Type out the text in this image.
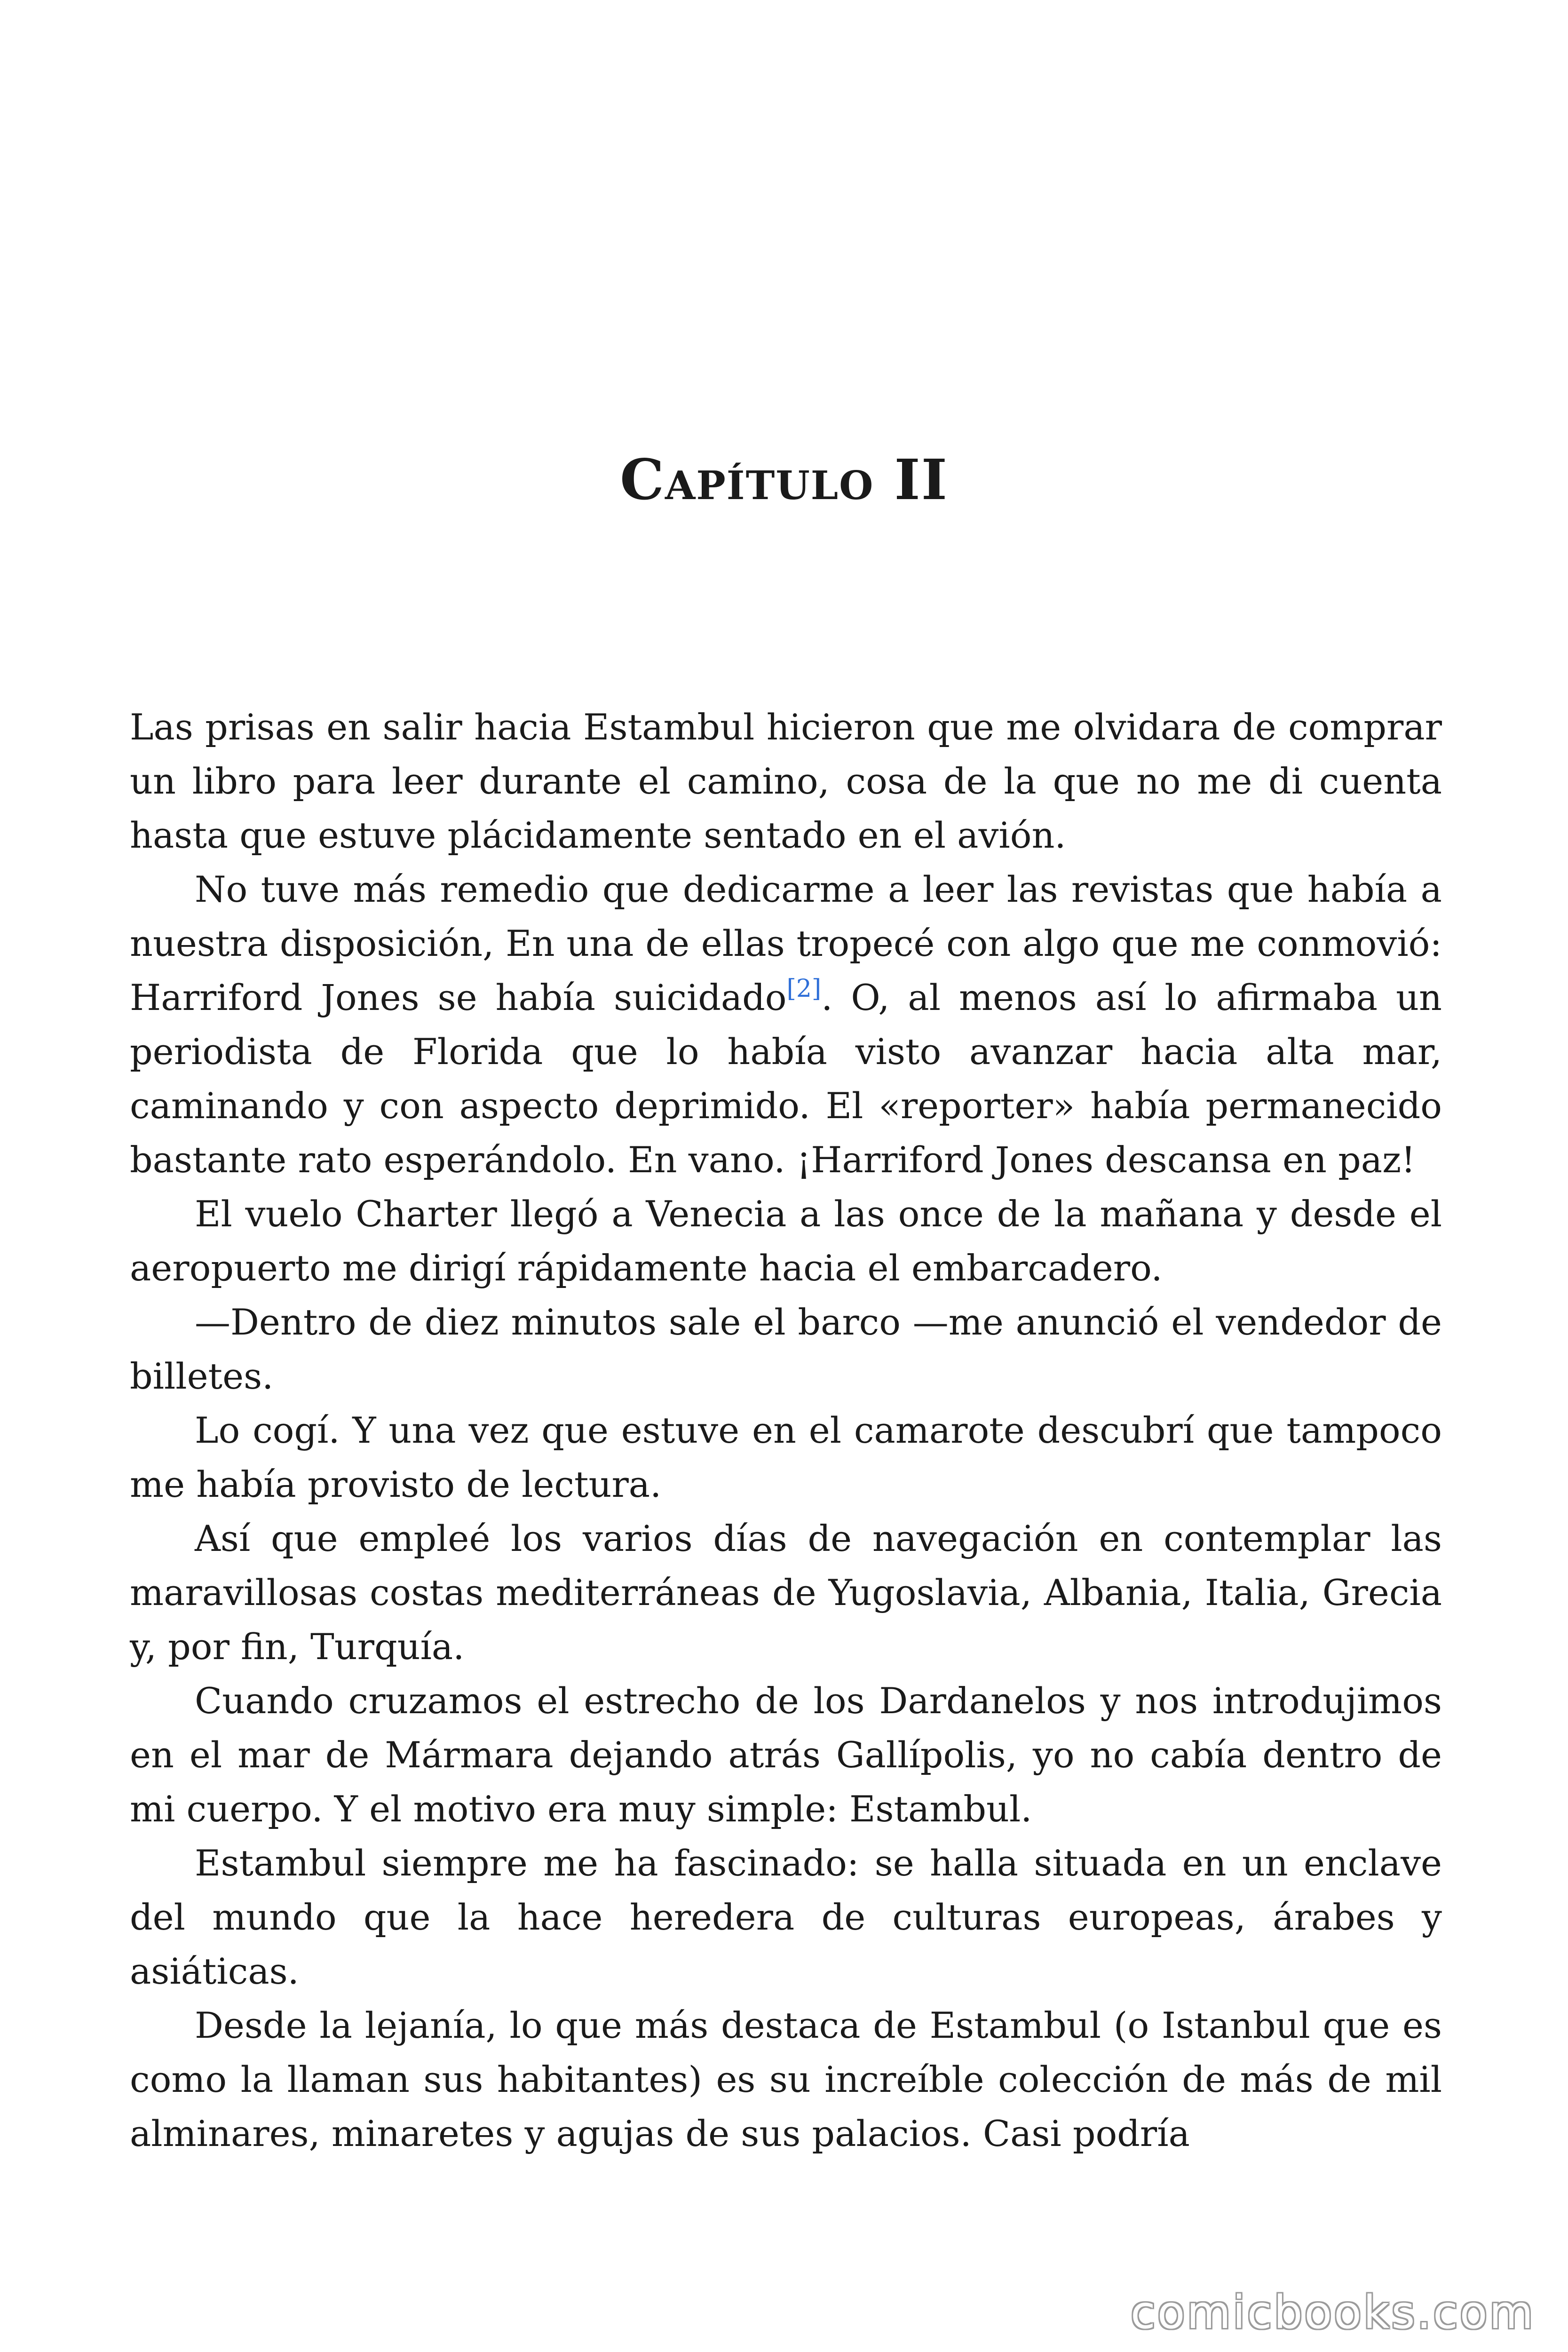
Capítulo II

Las prisas en salir hacia Estambul hicieron que me olvidara de comprar un libro para leer durante el camino, cosa de la que no me di cuenta hasta que estuve plácidamente sentado en el avión.

No tuve más remedio que dedicarme a leer las revistas que había a nuestra disposición, En una de ellas tropecé con algo que me conmovió: Harriford Jones se había suicidado[2]. O, al menos así lo afirmaba un periodista de Florida que lo había visto avanzar hacia alta mar, caminando y con aspecto deprimido. El «reporter» había permanecido bastante rato esperándolo. En vano. ¡Harriford Jones descansa en paz!

El vuelo Charter llegó a Venecia a las once de la mañana y desde el aeropuerto me dirigí rápidamente hacia el embarcadero.

—Dentro de diez minutos sale el barco —me anunció el vendedor de billetes.

Lo cogí. Y una vez que estuve en el camarote descubrí que tampoco me había provisto de lectura.

Así que empleé los varios días de navegación en contemplar las maravillosas costas mediterráneas de Yugoslavia, Albania, Italia, Grecia y, por fin, Turquía.

Cuando cruzamos el estrecho de los Dardanelos y nos introdujimos en el mar de Mármara dejando atrás Gallípolis, yo no cabía dentro de mi cuerpo. Y el motivo era muy simple: Estambul.

Estambul siempre me ha fascinado: se halla situada en un enclave del mundo que la hace heredera de culturas europeas, árabes y asiáticas.

Desde la lejanía, lo que más destaca de Estambul (o Istanbul que es como la llaman sus habitantes) es su increíble colección de más de mil alminares, minaretes y agujas de sus palacios. Casi podría

comicbooks.com
